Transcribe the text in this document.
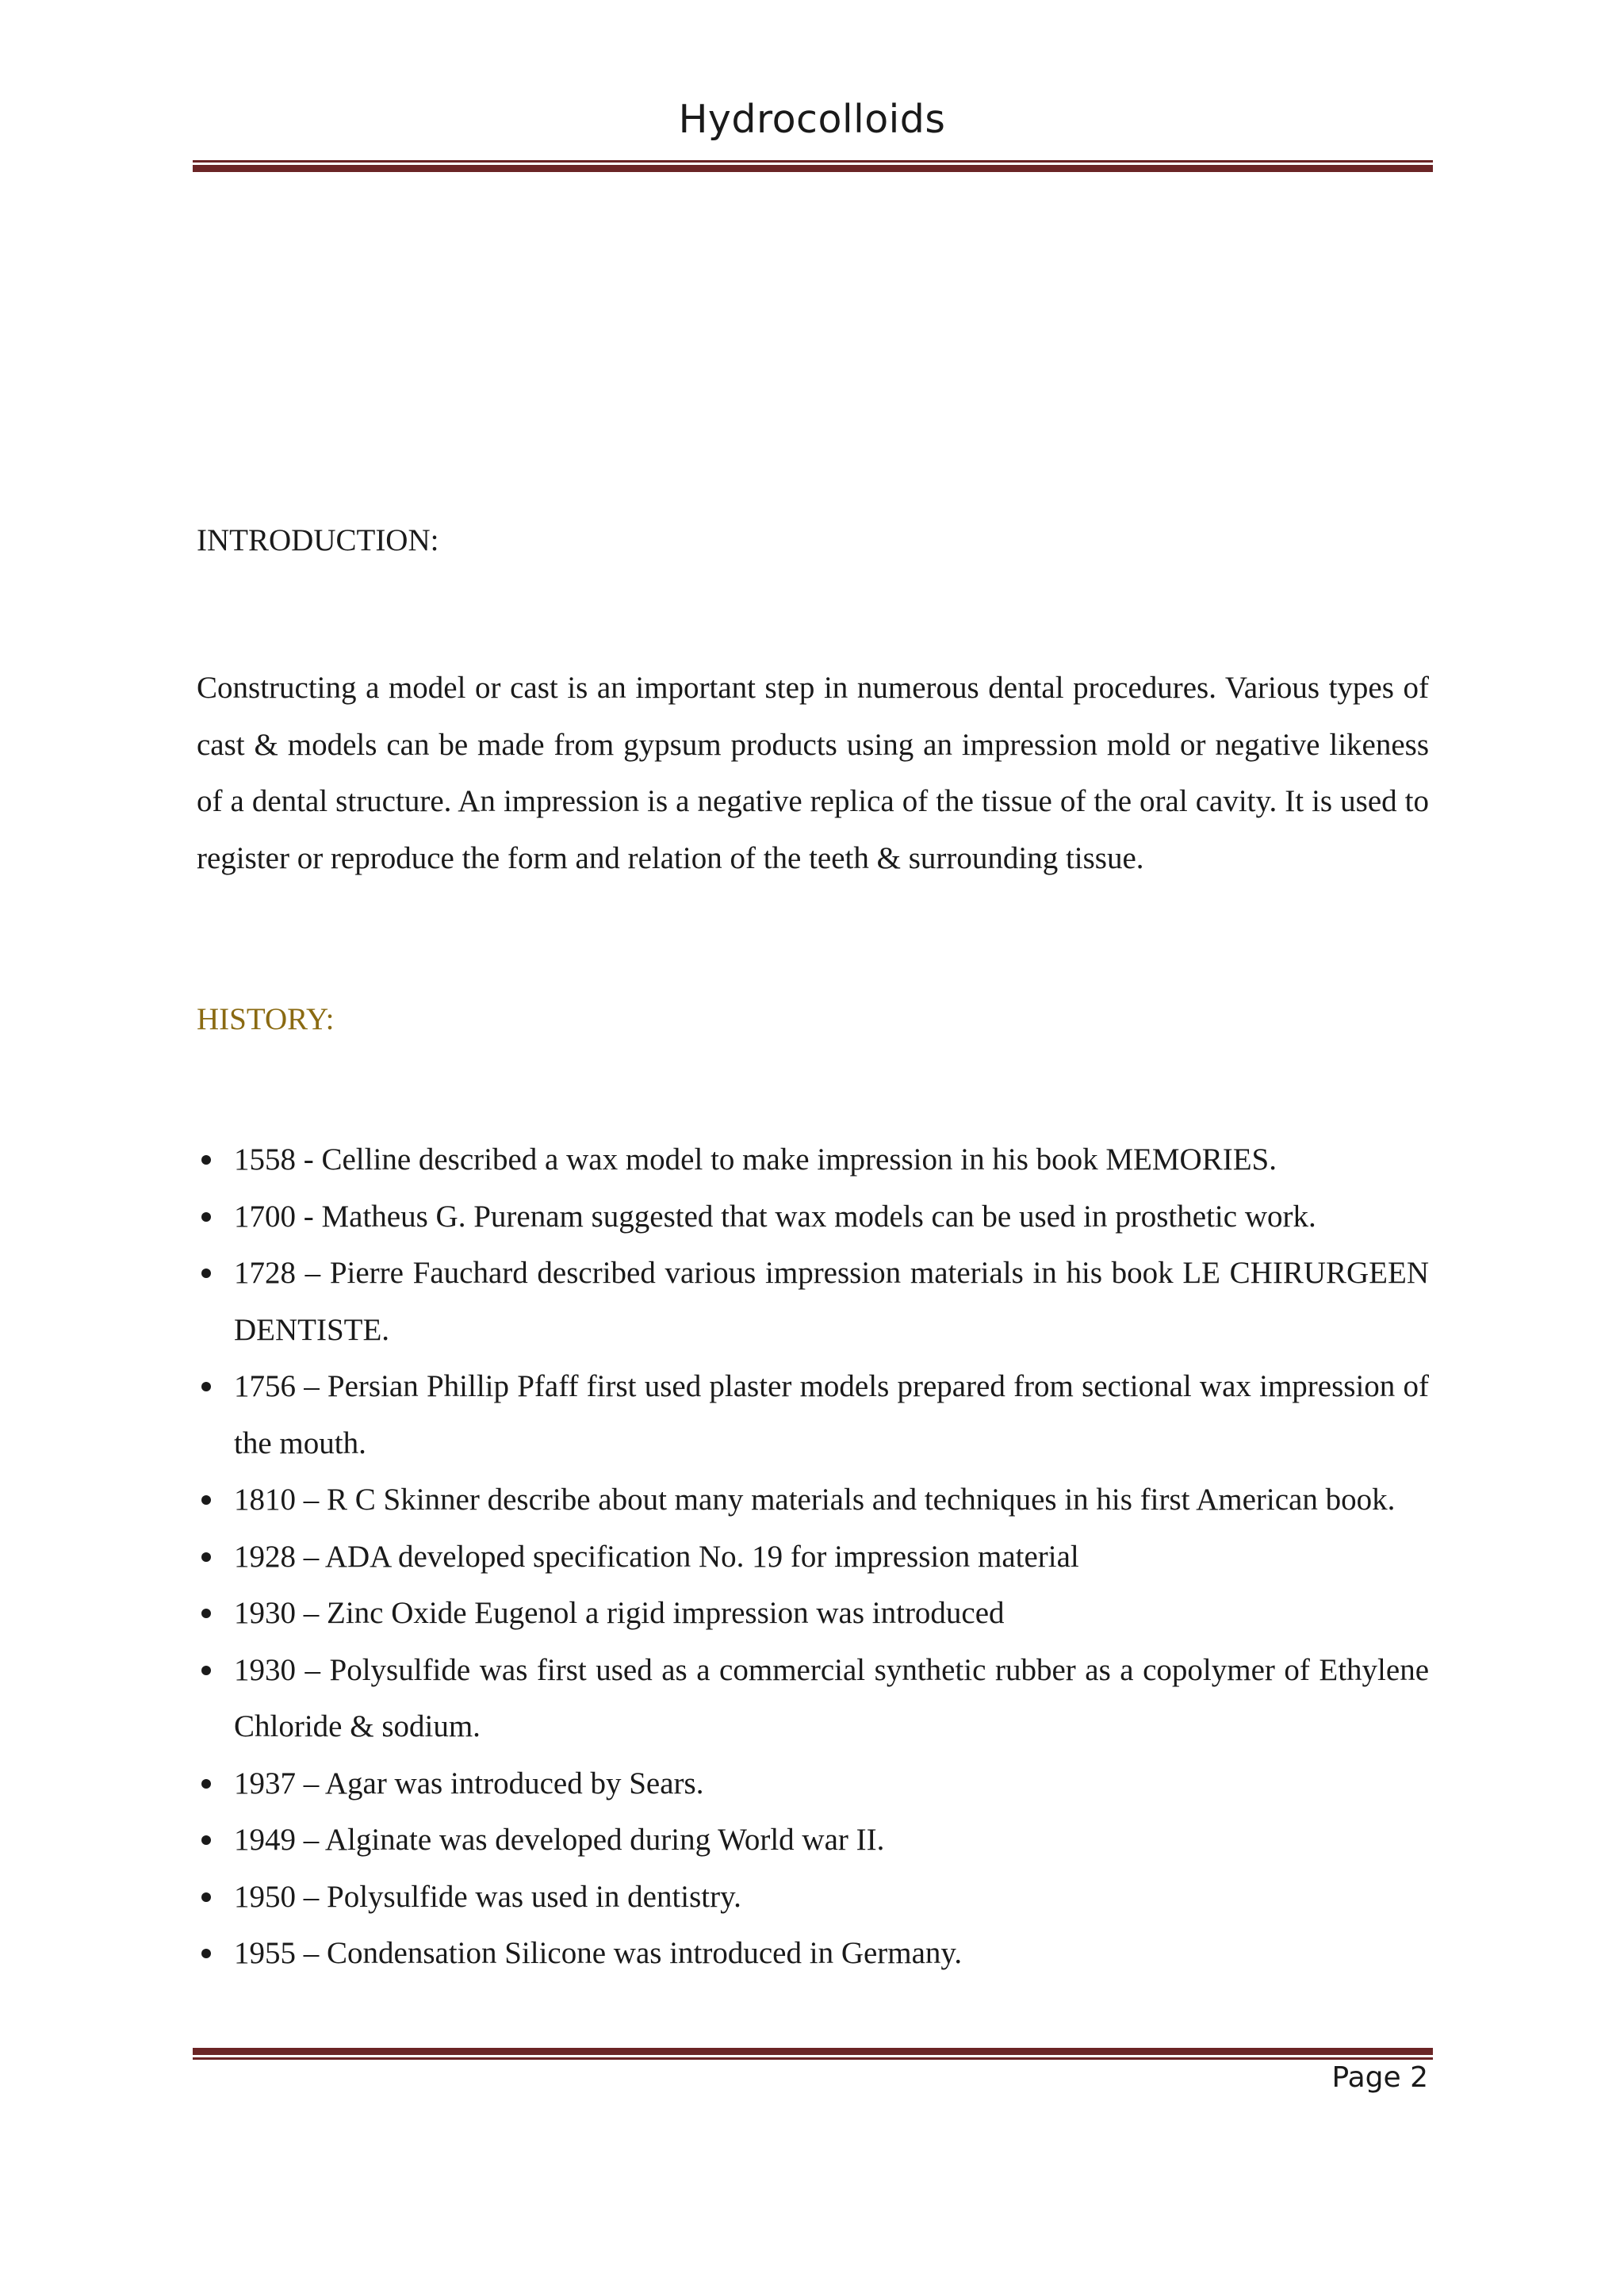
Hydrocolloids
INTRODUCTION:
Constructing a model or cast is an important step in numerous dental procedures. Various types of cast & models can be made from gypsum products using an impression mold or negative likeness of a dental structure. An impression is a negative replica of the tissue of the oral cavity. It is used to register or reproduce the form and relation of the teeth & surrounding tissue.
HISTORY:
1558 - Celline described a wax model to make impression in his book MEMORIES.
1700 - Matheus G. Purenam suggested that wax models can be used in prosthetic work.
1728 – Pierre Fauchard described various impression materials in his book LE CHIRURGEEN DENTISTE.
1756 – Persian Phillip Pfaff first used plaster models prepared from sectional wax impression of the mouth.
1810 – R C Skinner describe about many materials and techniques in his first American book.
1928 – ADA developed specification No. 19 for impression material
1930 – Zinc Oxide Eugenol a rigid impression was introduced
1930 – Polysulfide was first used as a commercial synthetic rubber as a copolymer of Ethylene Chloride & sodium.
1937 – Agar was introduced by Sears.
1949 – Alginate was developed during World war II.
1950 – Polysulfide was used in dentistry.
1955 – Condensation Silicone was introduced in Germany.
Page 2
